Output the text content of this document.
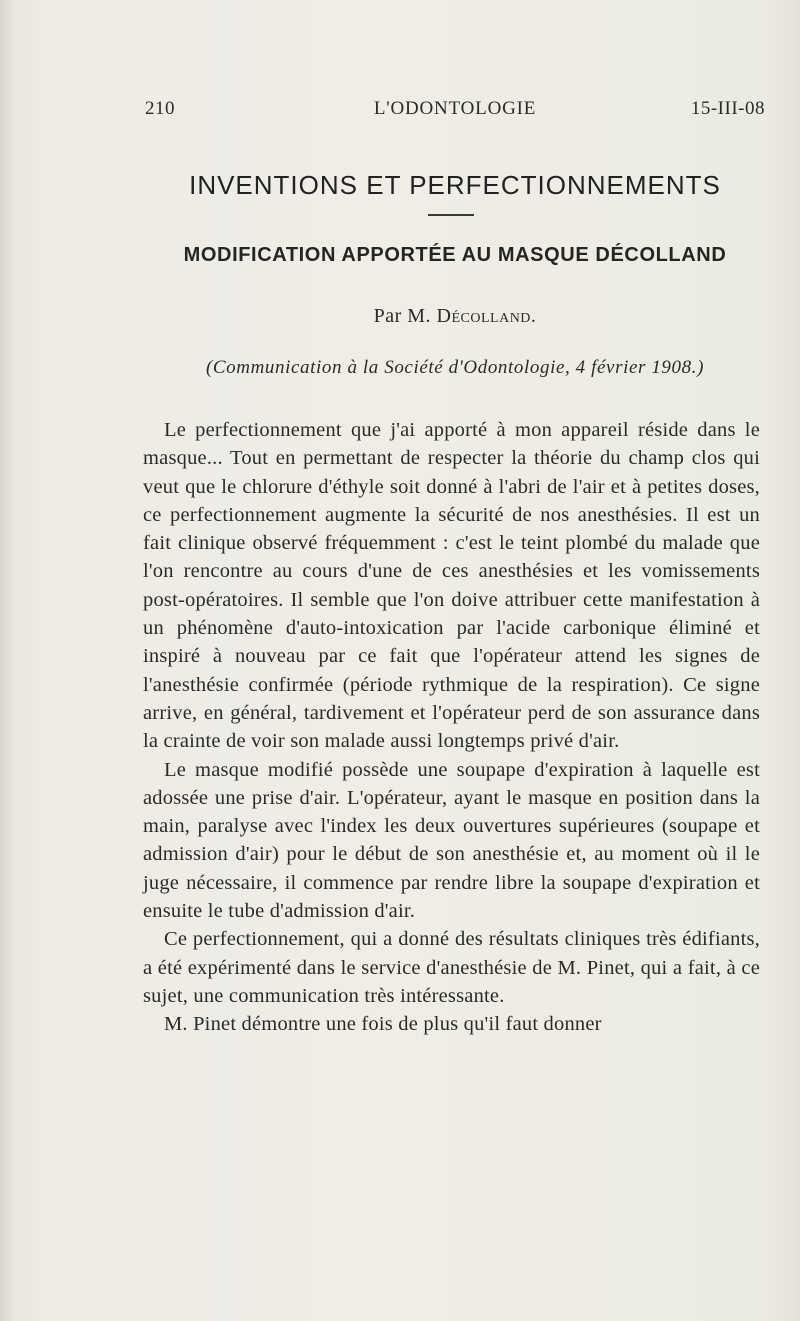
210	L'ODONTOLOGIE	15-III-08
INVENTIONS ET PERFECTIONNEMENTS
MODIFICATION APPORTÉE AU MASQUE DÉCOLLAND
Par M. Décolland.
(Communication à la Société d'Odontologie, 4 février 1908.)

Le perfectionnement que j'ai apporté à mon appareil réside dans le masque... Tout en permettant de respecter la théorie du champ clos qui veut que le chlorure d'éthyle soit donné à l'abri de l'air et à petites doses, ce perfectionnement augmente la sécurité de nos anesthésies. Il est un fait clinique observé fréquemment : c'est le teint plombé du malade que l'on rencontre au cours d'une de ces anesthésies et les vomissements post-opératoires. Il semble que l'on doive attribuer cette manifestation à un phénomène d'auto-intoxication par l'acide carbonique éliminé et inspiré à nouveau par ce fait que l'opérateur attend les signes de l'anesthésie confirmée (période rythmique de la respiration). Ce signe arrive, en général, tardivement et l'opérateur perd de son assurance dans la crainte de voir son malade aussi longtemps privé d'air.

Le masque modifié possède une soupape d'expiration à laquelle est adossée une prise d'air. L'opérateur, ayant le masque en position dans la main, paralyse avec l'index les deux ouvertures supérieures (soupape et admission d'air) pour le début de son anesthésie et, au moment où il le juge nécessaire, il commence par rendre libre la soupape d'expiration et ensuite le tube d'admission d'air.

Ce perfectionnement, qui a donné des résultats cliniques très édifiants, a été expérimenté dans le service d'anesthésie de M. Pinet, qui a fait, à ce sujet, une communication très intéressante.

M. Pinet démontre une fois de plus qu'il faut donner
